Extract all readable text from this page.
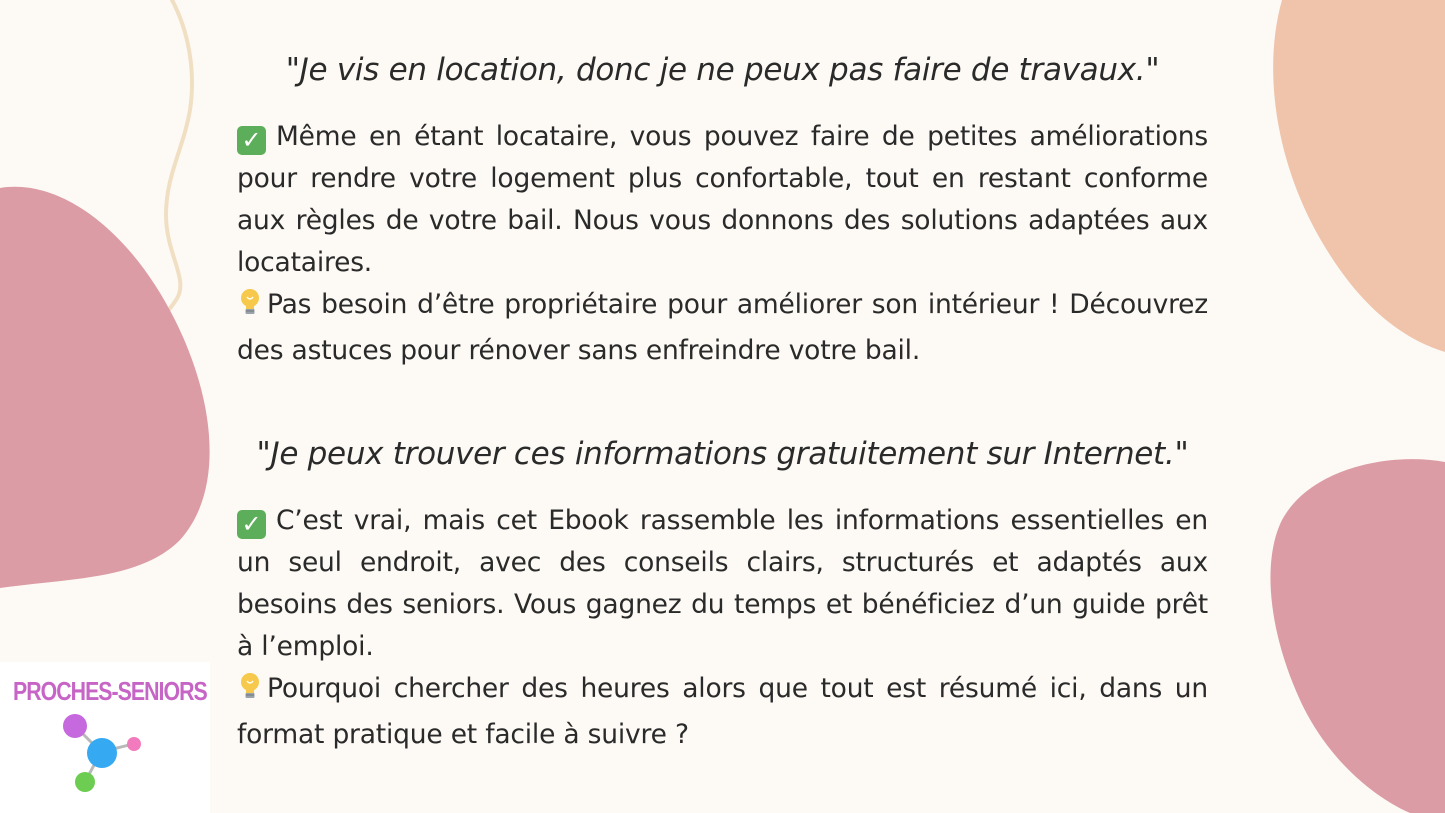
"Je vis en location, donc je ne peux pas faire de travaux."

✓ Même en étant locataire, vous pouvez faire de petites améliorations pour rendre votre logement plus confortable, tout en restant conforme aux règles de votre bail. Nous vous donnons des solutions adaptées aux locataires.

Pas besoin d’être propriétaire pour améliorer son intérieur ! Découvrez des astuces pour rénover sans enfreindre votre bail.

"Je peux trouver ces informations gratuitement sur Internet."

✓ C’est vrai, mais cet Ebook rassemble les informations essentielles en un seul endroit, avec des conseils clairs, structurés et adaptés aux besoins des seniors. Vous gagnez du temps et bénéficiez d’un guide prêt à l’emploi.

Pourquoi chercher des heures alors que tout est résumé ici, dans un format pratique et facile à suivre ?

PROCHES-SENIORS
